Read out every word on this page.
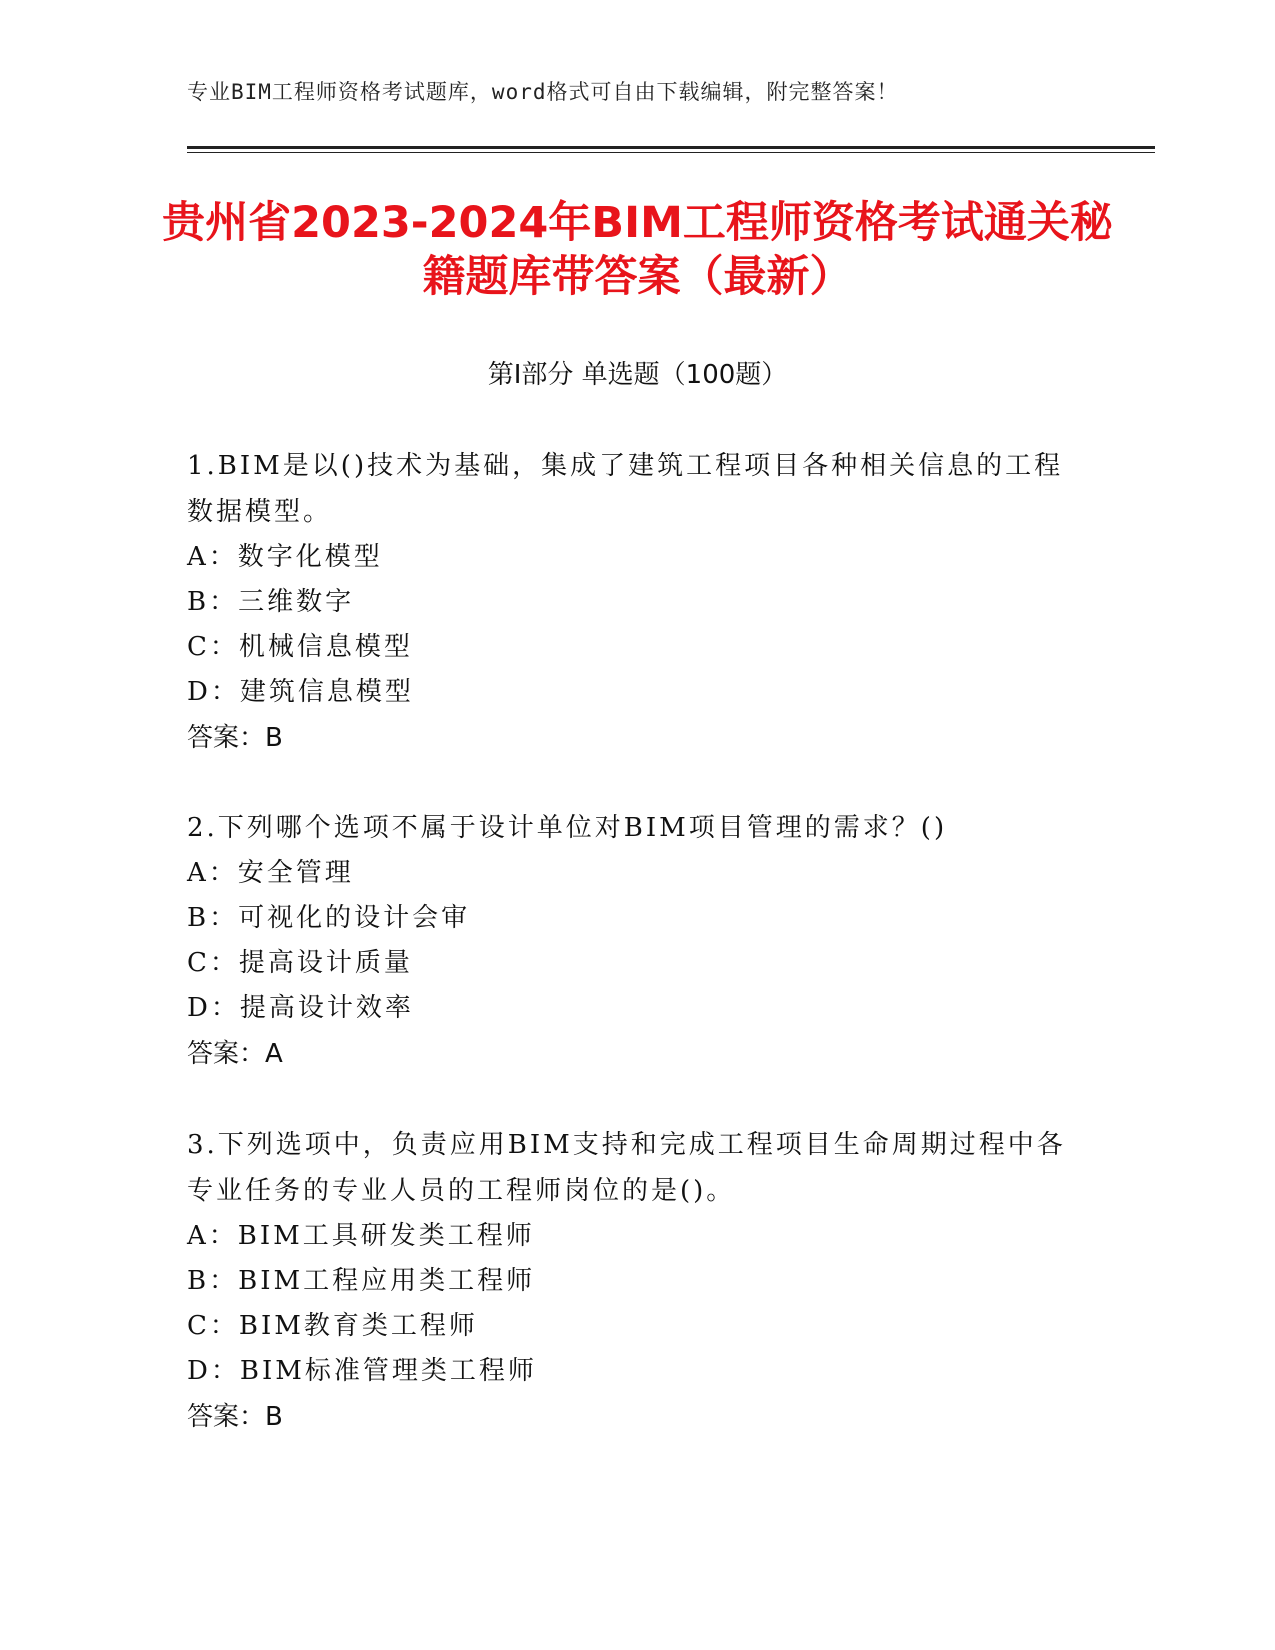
专业BIM工程师资格考试题库，word格式可自由下载编辑，附完整答案！
贵州省2023-2024年BIM工程师资格考试通关秘籍题库带答案（最新）
第Ⅰ部分 单选题（100题）

1.BIM是以()技术为基础，集成了建筑工程项目各种相关信息的工程数据模型。

A：数字化模型

B：三维数字

C：机械信息模型

D：建筑信息模型

答案：B

2.下列哪个选项不属于设计单位对BIM项目管理的需求？()

A：安全管理

B：可视化的设计会审

C：提高设计质量

D：提高设计效率

答案：A

3.下列选项中，负责应用BIM支持和完成工程项目生命周期过程中各专业任务的专业人员的工程师岗位的是()。

A：BIM工具研发类工程师

B：BIM工程应用类工程师

C：BIM教育类工程师

D：BIM标准管理类工程师

答案：B
